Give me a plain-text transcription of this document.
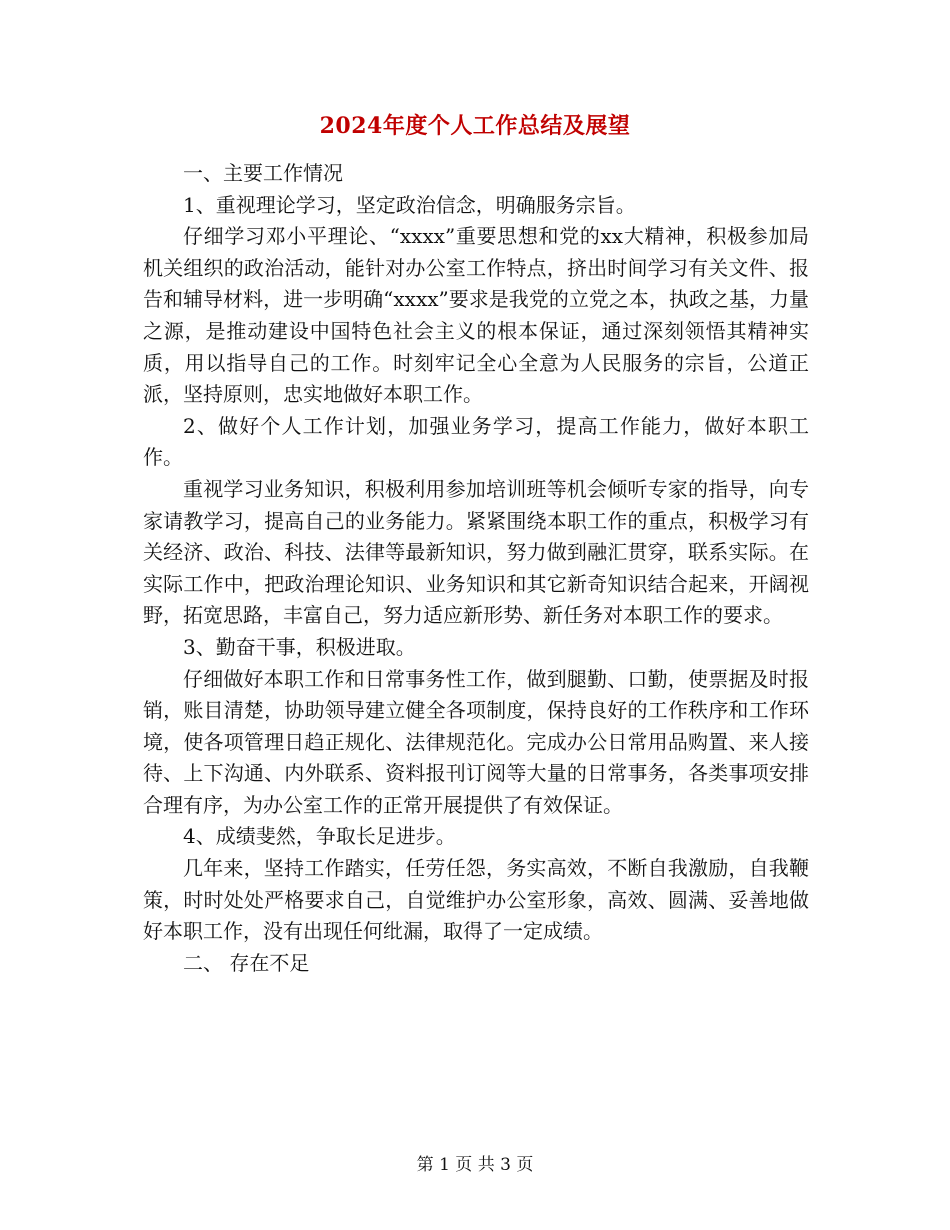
2024年度个人工作总结及展望

一、主要工作情况

1、重视理论学习，坚定政治信念，明确服务宗旨。

仔细学习邓小平理论、“xxxx”重要思想和党的xx大精神，积极参加局机关组织的政治活动，能针对办公室工作特点，挤出时间学习有关文件、报告和辅导材料，进一步明确“xxxx”要求是我党的立党之本，执政之基，力量之源，是推动建设中国特色社会主义的根本保证，通过深刻领悟其精神实质，用以指导自己的工作。时刻牢记全心全意为人民服务的宗旨，公道正派，坚持原则，忠实地做好本职工作。

2、做好个人工作计划，加强业务学习，提高工作能力，做好本职工作。

重视学习业务知识，积极利用参加培训班等机会倾听专家的指导，向专家请教学习，提高自己的业务能力。紧紧围绕本职工作的重点，积极学习有关经济、政治、科技、法律等最新知识，努力做到融汇贯穿，联系实际。在实际工作中，把政治理论知识、业务知识和其它新奇知识结合起来，开阔视野，拓宽思路，丰富自己，努力适应新形势、新任务对本职工作的要求。

3、勤奋干事，积极进取。

仔细做好本职工作和日常事务性工作，做到腿勤、口勤，使票据及时报销，账目清楚，协助领导建立健全各项制度，保持良好的工作秩序和工作环境，使各项管理日趋正规化、法律规范化。完成办公日常用品购置、来人接待、上下沟通、内外联系、资料报刊订阅等大量的日常事务，各类事项安排合理有序，为办公室工作的正常开展提供了有效保证。

4、成绩斐然，争取长足进步。

几年来，坚持工作踏实，任劳任怨，务实高效，不断自我激励，自我鞭策，时时处处严格要求自己，自觉维护办公室形象，高效、圆满、妥善地做好本职工作，没有出现任何纰漏，取得了一定成绩。

二、 存在不足

第 1 页 共 3 页
